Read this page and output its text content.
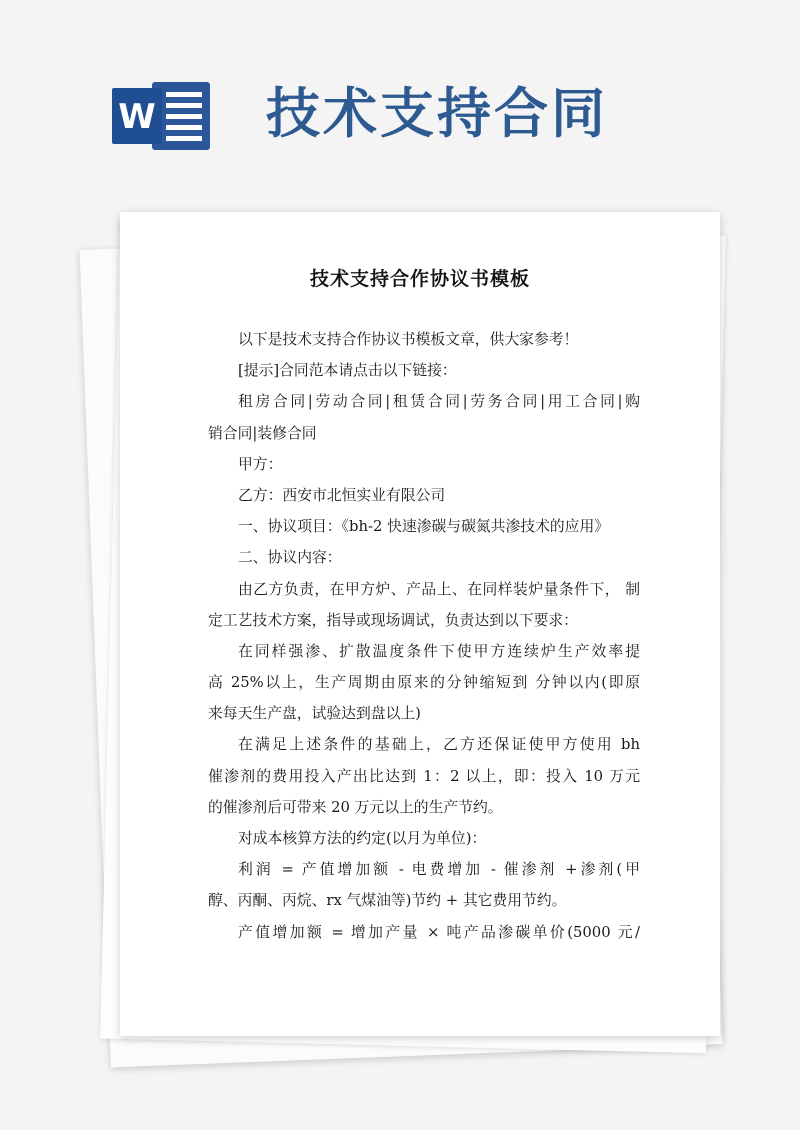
W 技术支持合同
技术支持合作协议书模板
以下是技术支持合作协议书模板文章，供大家参考！
[提示]合同范本请点击以下链接：
租房合同|劳动合同|租赁合同|劳务合同|用工合同|购
销合同|装修合同
甲方：
乙方：西安市北恒实业有限公司
一、协议项目：《bh-2 快速渗碳与碳氮共渗技术的应用》
二、协议内容：
由乙方负责，在甲方炉、产品上、在同样装炉量条件下， 制
定工艺技术方案，指导或现场调试，负责达到以下要求：
在同样强渗、扩散温度条件下使甲方连续炉生产效率提
高 25%以上，生产周期由原来的分钟缩短到 分钟以内(即原
来每天生产盘，试验达到盘以上)
在满足上述条件的基础上，乙方还保证使甲方使用 bh
催渗剂的费用投入产出比达到 1：2 以上，即：投入 10 万元
的催渗剂后可带来 20 万元以上的生产节约。
对成本核算方法的约定(以月为单位)：
利润 = 产值增加额 - 电费增加 - 催渗剂 +渗剂(甲
醇、丙酮、丙烷、rx 气煤油等)节约 + 其它费用节约。
产值增加额 = 增加产量 × 吨产品渗碳单价(5000 元/
